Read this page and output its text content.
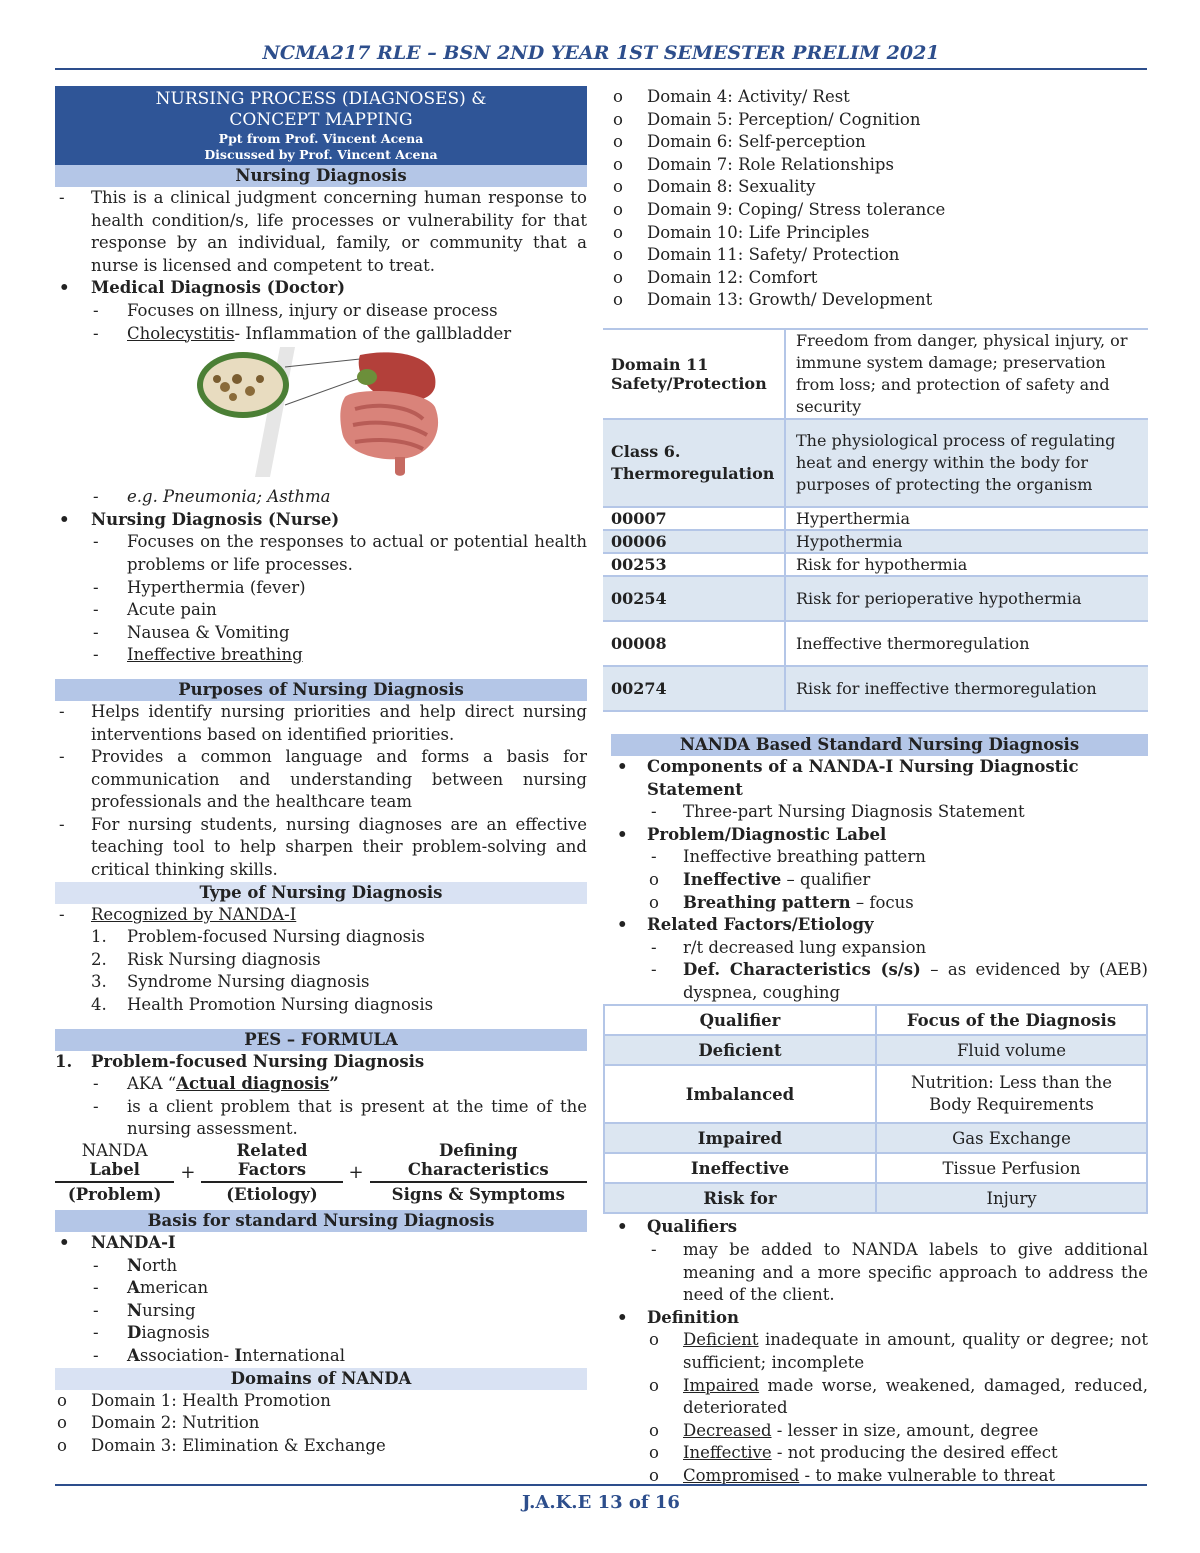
NCMA217 RLE – BSN 2ND YEAR 1ST SEMESTER PRELIM 2021
NURSING PROCESS (DIAGNOSES) &
CONCEPT MAPPING
Ppt from Prof. Vincent Acena
Discussed by Prof. Vincent Acena
Nursing Diagnosis
- This is a clinical judgment concerning human response to health condition/s, life processes or vulnerability for that response by an individual, family, or community that a nurse is licensed and competent to treat.
• Medical Diagnosis (Doctor)
- Focuses on illness, injury or disease process
- Cholecystitis- Inflammation of the gallbladder
- e.g. Pneumonia; Asthma
• Nursing Diagnosis (Nurse)
- Focuses on the responses to actual or potential health problems or life processes.
- Hyperthermia (fever)
- Acute pain
- Nausea & Vomiting
- Ineffective breathing
Purposes of Nursing Diagnosis
- Helps identify nursing priorities and help direct nursing interventions based on identified priorities.
- Provides a common language and forms a basis for communication and understanding between nursing professionals and the healthcare team
- For nursing students, nursing diagnoses are an effective teaching tool to help sharpen their problem-solving and critical thinking skills.
Type of Nursing Diagnosis
- Recognized by NANDA-I
1. Problem-focused Nursing diagnosis
2. Risk Nursing diagnosis
3. Syndrome Nursing diagnosis
4. Health Promotion Nursing diagnosis
PES – FORMULA
1. Problem-focused Nursing Diagnosis
- AKA “Actual diagnosis”
- is a client problem that is present at the time of the nursing assessment.
$\frac{\text{NANDA Label}}{\text{(Problem)}} + \frac{\text{Related Factors}}{\text{(Etiology)}} + \frac{\text{Defining Characteristics}}{\text{Signs \& Symptoms}}$
Basis for standard Nursing Diagnosis
• NANDA-I
- North
- American
- Nursing
- Diagnosis
- Association- International
Domains of NANDA
o Domain 1: Health Promotion
o Domain 2: Nutrition
o Domain 3: Elimination & Exchange
o Domain 4: Activity/ Rest
o Domain 5: Perception/ Cognition
o Domain 6: Self-perception
o Domain 7: Role Relationships
o Domain 8: Sexuality
o Domain 9: Coping/ Stress tolerance
o Domain 10: Life Principles
o Domain 11: Safety/ Protection
o Domain 12: Comfort
o Domain 13: Growth/ Development
Domain 11 Safety/Protection	Freedom from danger, physical injury, or immune system damage; preservation from loss; and protection of safety and security
Class 6. Thermoregulation	The physiological process of regulating heat and energy within the body for purposes of protecting the organism
00007	Hyperthermia
00006	Hypothermia
00253	Risk for hypothermia
00254	Risk for perioperative hypothermia
00008	Ineffective thermoregulation
00274	Risk for ineffective thermoregulation
NANDA Based Standard Nursing Diagnosis
• Components of a NANDA-I Nursing Diagnostic Statement
- Three-part Nursing Diagnosis Statement
• Problem/Diagnostic Label
- Ineffective breathing pattern
o Ineffective – qualifier
o Breathing pattern – focus
• Related Factors/Etiology
- r/t decreased lung expansion
- Def. Characteristics (s/s) – as evidenced by (AEB) dyspnea, coughing
Qualifier	Focus of the Diagnosis
Deficient	Fluid volume
Imbalanced	Nutrition: Less than the Body Requirements
Impaired	Gas Exchange
Ineffective	Tissue Perfusion
Risk for	Injury
• Qualifiers
- may be added to NANDA labels to give additional meaning and a more specific approach to address the need of the client.
• Definition
o Deficient inadequate in amount, quality or degree; not sufficient; incomplete
o Impaired made worse, weakened, damaged, reduced, deteriorated
o Decreased - lesser in size, amount, degree
o Ineffective - not producing the desired effect
o Compromised - to make vulnerable to threat
J.A.K.E 13 of 16
